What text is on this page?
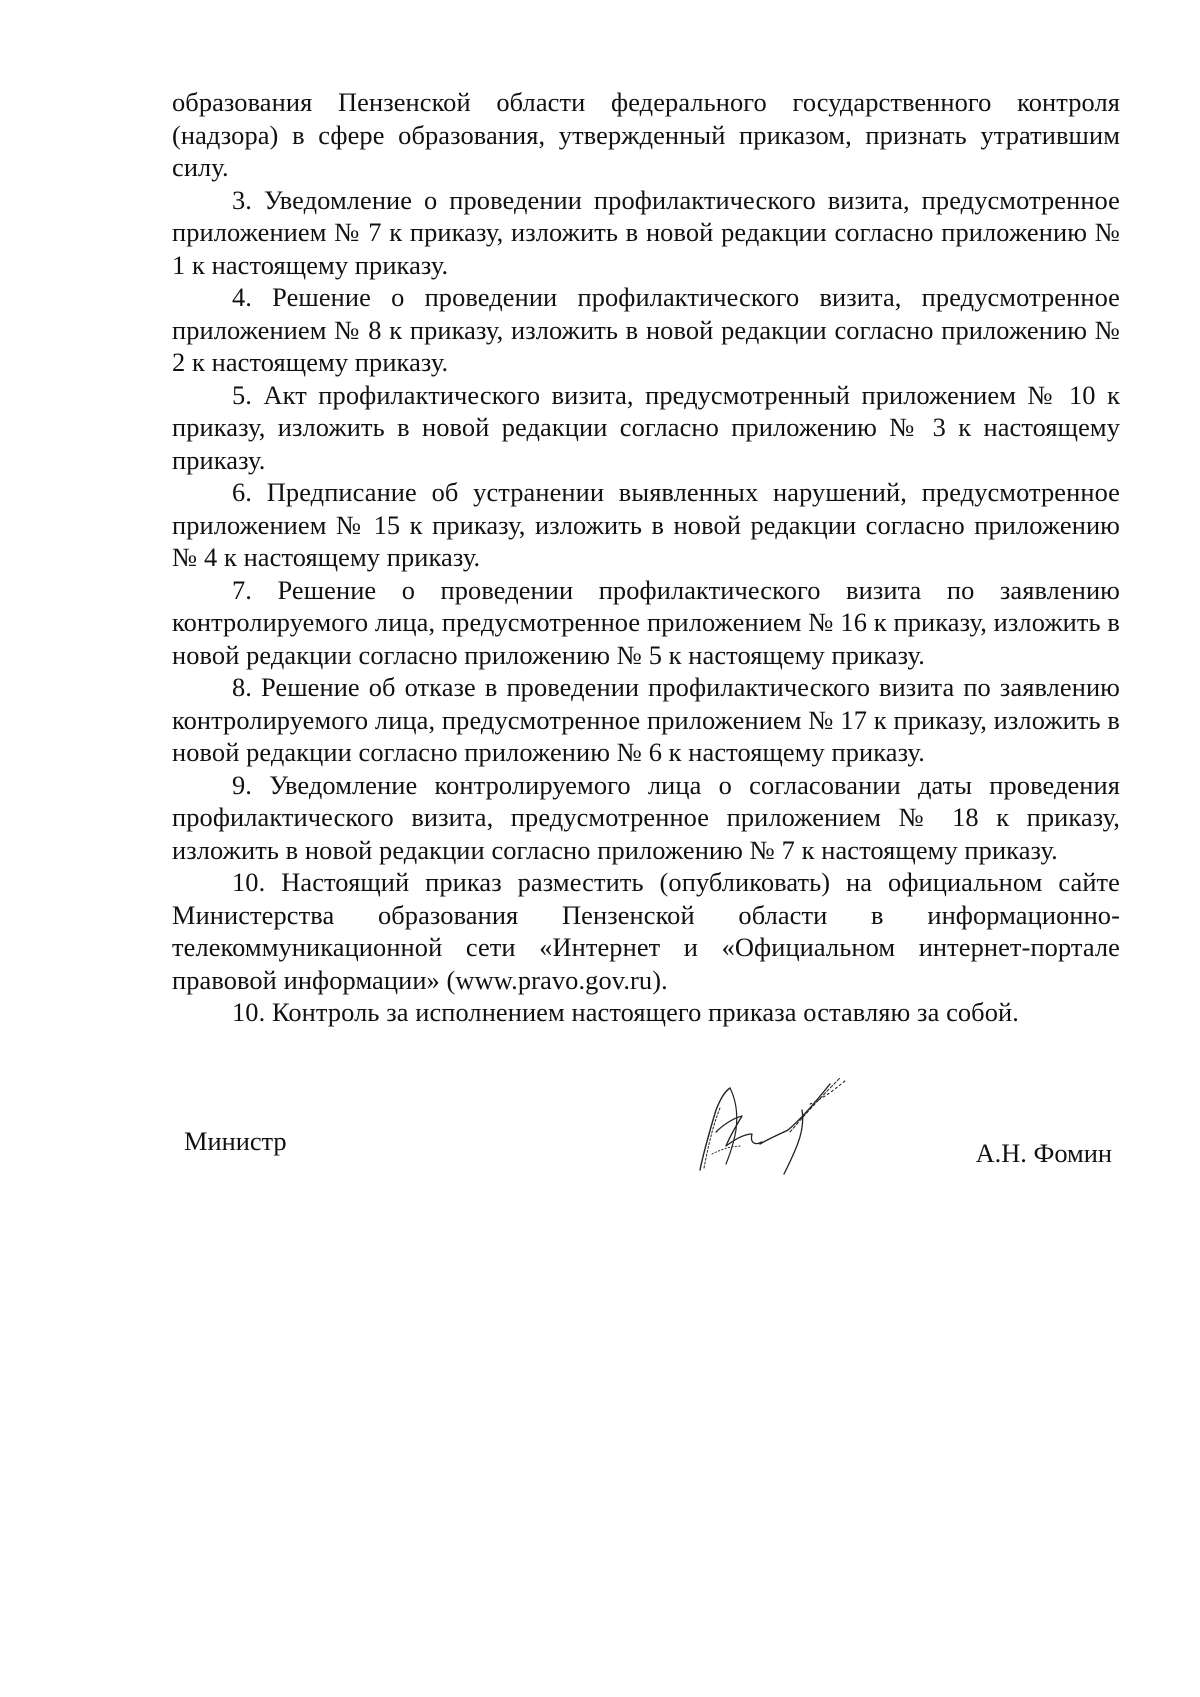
образования Пензенской области федерального государственного контроля (надзора) в сфере образования, утвержденный приказом, признать утратившим силу.

3. Уведомление о проведении профилактического визита, предусмотренное приложением № 7 к приказу, изложить в новой редакции согласно приложению № 1 к настоящему приказу.

4. Решение о проведении профилактического визита, предусмотренное приложением № 8 к приказу, изложить в новой редакции согласно приложению № 2 к настоящему приказу.

5. Акт профилактического визита, предусмотренный приложением № 10 к приказу, изложить в новой редакции согласно приложению № 3 к настоящему приказу.

6. Предписание об устранении выявленных нарушений, предусмотренное приложением № 15 к приказу, изложить в новой редакции согласно приложению № 4 к настоящему приказу.

7. Решение о проведении профилактического визита по заявлению контролируемого лица, предусмотренное приложением № 16 к приказу, изложить в новой редакции согласно приложению № 5 к настоящему приказу.

8. Решение об отказе в проведении профилактического визита по заявлению контролируемого лица, предусмотренное приложением № 17 к приказу, изложить в новой редакции согласно приложению № 6 к настоящему приказу.

9. Уведомление контролируемого лица о согласовании даты проведения профилактического визита, предусмотренное приложением № 18 к приказу, изложить в новой редакции согласно приложению № 7 к настоящему приказу.

10. Настоящий приказ разместить (опубликовать) на официальном сайте Министерства образования Пензенской области в информационно-телекоммуникационной сети «Интернет и «Официальном интернет-портале правовой информации» (www.pravo.gov.ru).

10. Контроль за исполнением настоящего приказа оставляю за собой.

Министр	А.Н. Фомин
